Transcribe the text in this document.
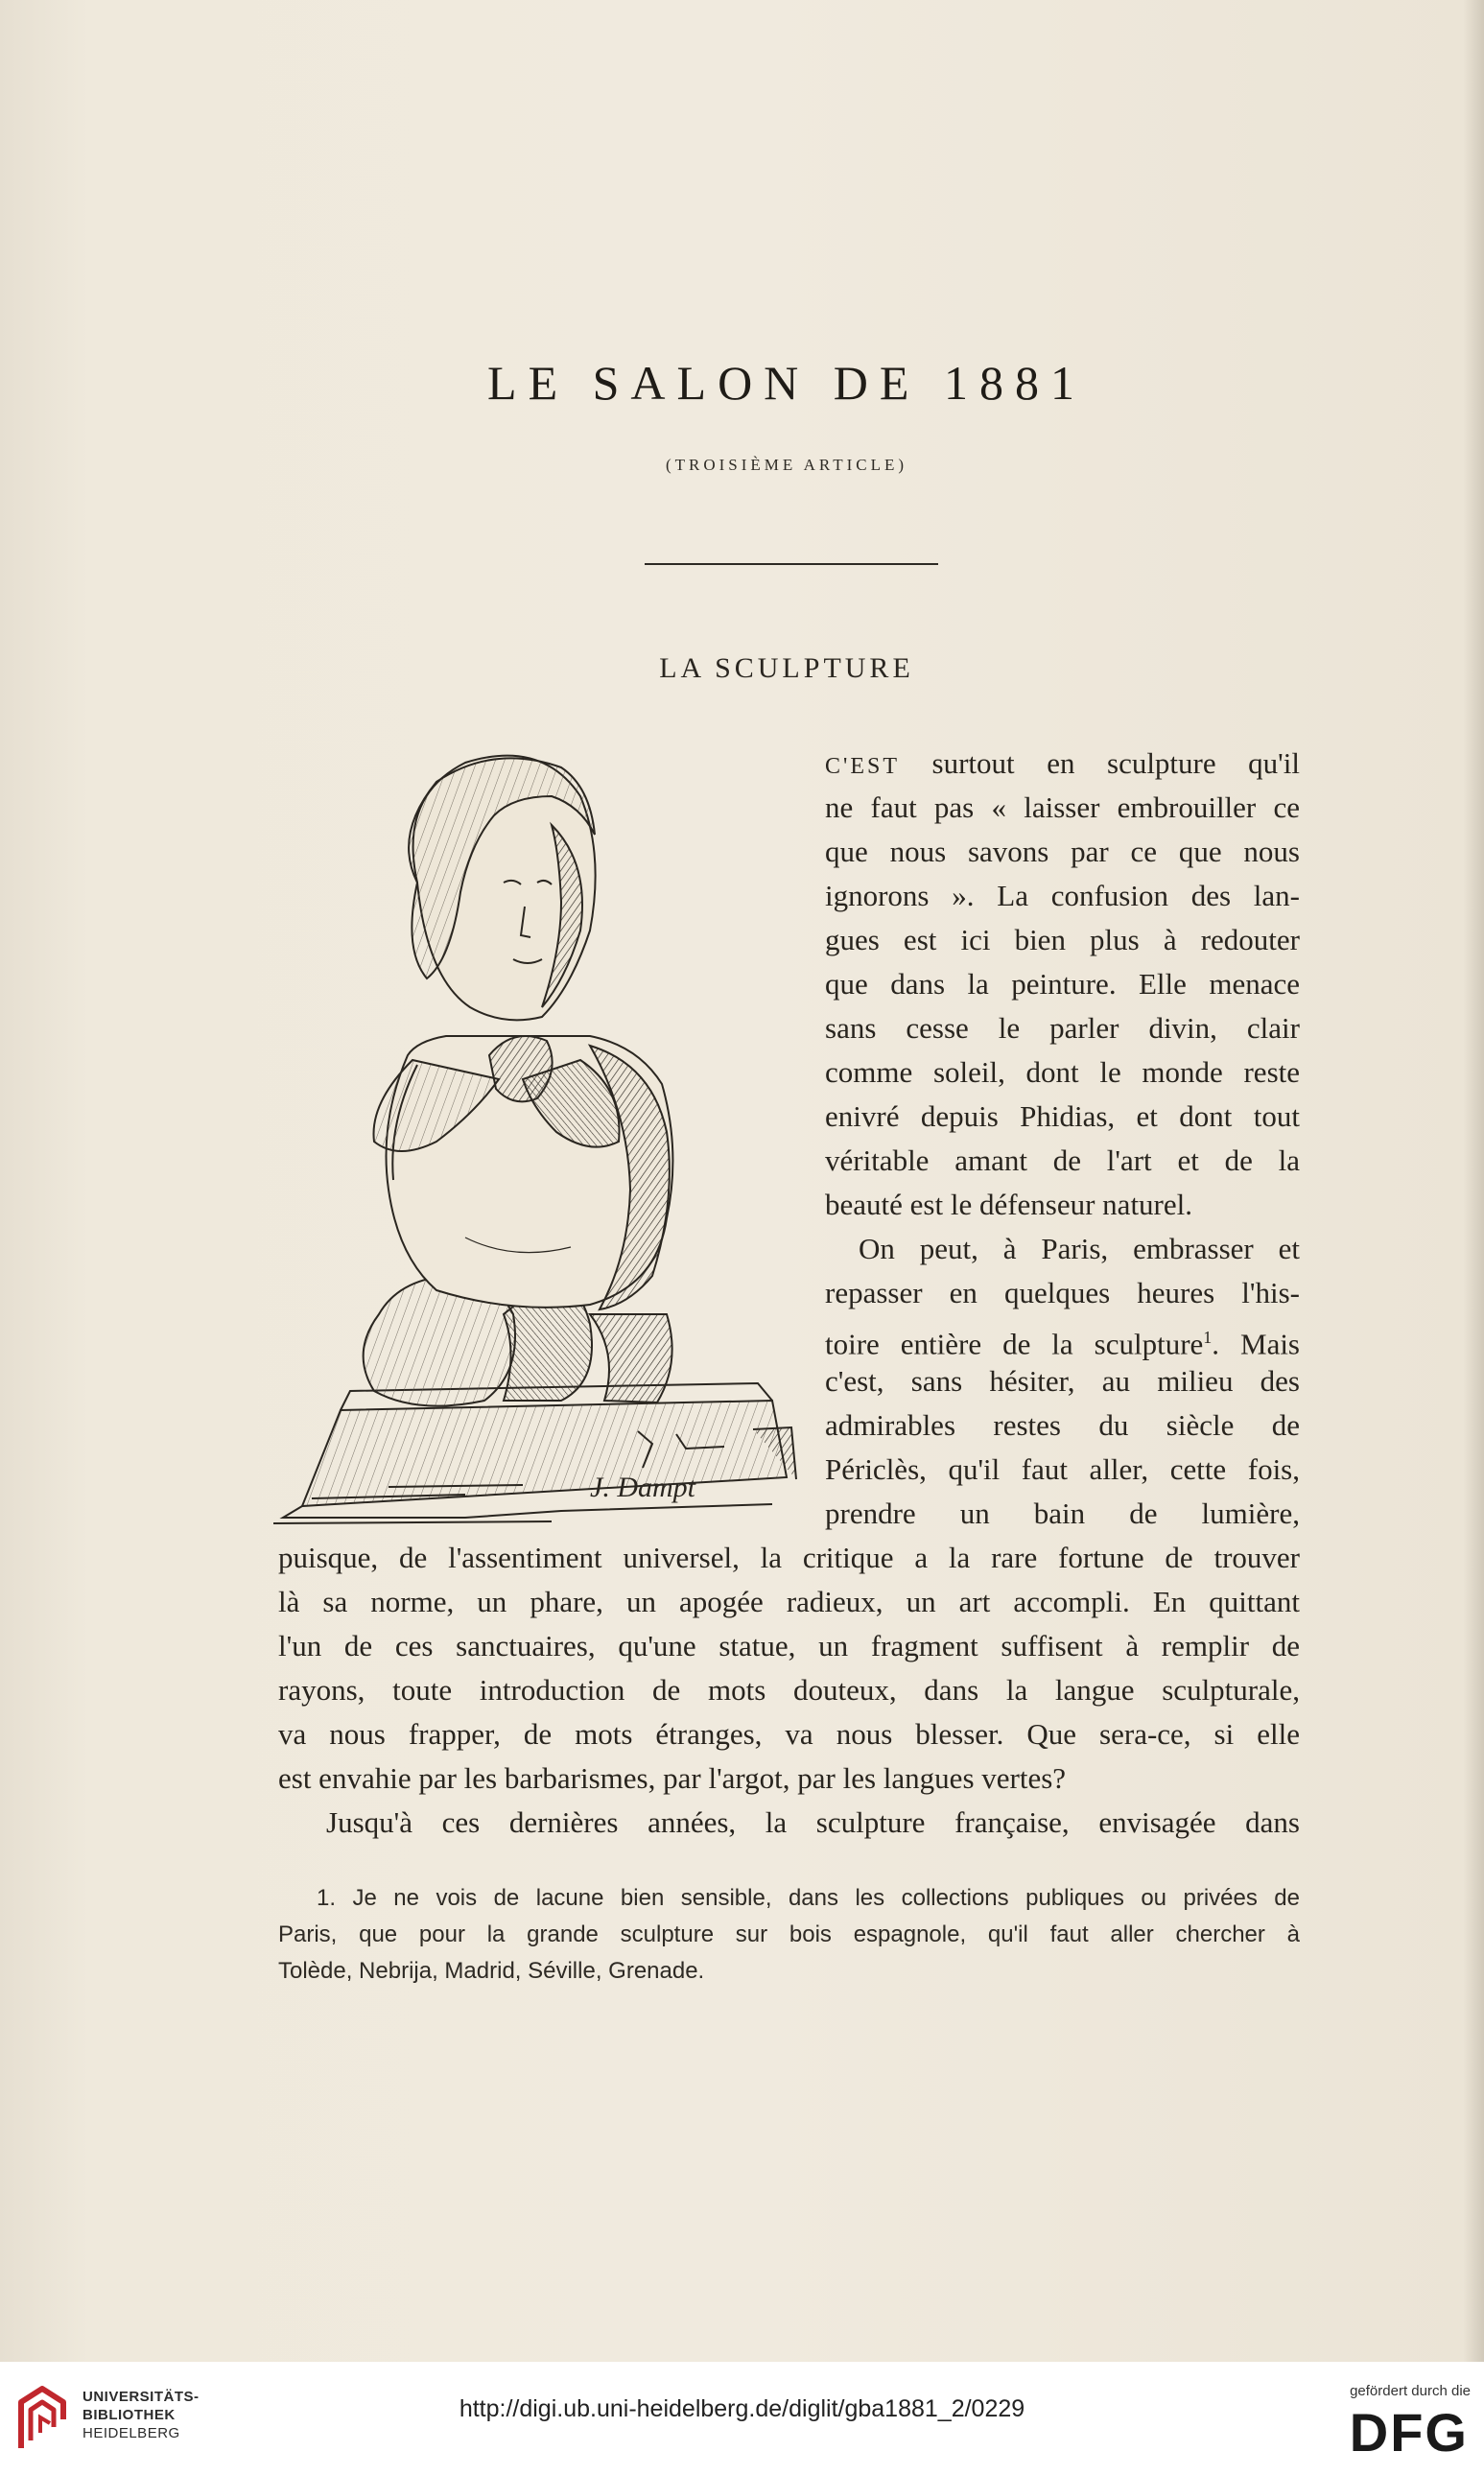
LE SALON DE 1881
(TROISIÈME ARTICLE)
LA SCULPTURE
J. Dampt
C'EST surtout en sculpture qu'il
ne faut pas « laisser embrouiller ce
que nous savons par ce que nous
ignorons ». La confusion des lan-
gues est ici bien plus à redouter
que dans la peinture. Elle menace
sans cesse le parler divin, clair
comme soleil, dont le monde reste
enivré depuis Phidias, et dont tout
véritable amant de l'art et de la
beauté est le défenseur naturel.
On peut, à Paris, embrasser et
repasser en quelques heures l'his-
toire entière de la sculpture$^1$. Mais
c'est, sans hésiter, au milieu des
admirables restes du siècle de
Périclès, qu'il faut aller, cette fois,
prendre un bain de lumière,
puisque, de l'assentiment universel, la critique a la rare fortune de trouver
là sa norme, un phare, un apogée radieux, un art accompli. En quittant
l'un de ces sanctuaires, qu'une statue, un fragment suffisent à remplir de
rayons, toute introduction de mots douteux, dans la langue sculpturale,
va nous frapper, de mots étranges, va nous blesser. Que sera-ce, si elle
est envahie par les barbarismes, par l'argot, par les langues vertes?
Jusqu'à ces dernières années, la sculpture française, envisagée dans
1. Je ne vois de lacune bien sensible, dans les collections publiques ou privées de
Paris, que pour la grande sculpture sur bois espagnole, qu'il faut aller chercher à
Tolède, Nebrija, Madrid, Séville, Grenade.
UNIVERSITÄTS-
BIBLIOTHEK
HEIDELBERG
http://digi.ub.uni-heidelberg.de/diglit/gba1881_2/0229
gefördert durch die
DFG
